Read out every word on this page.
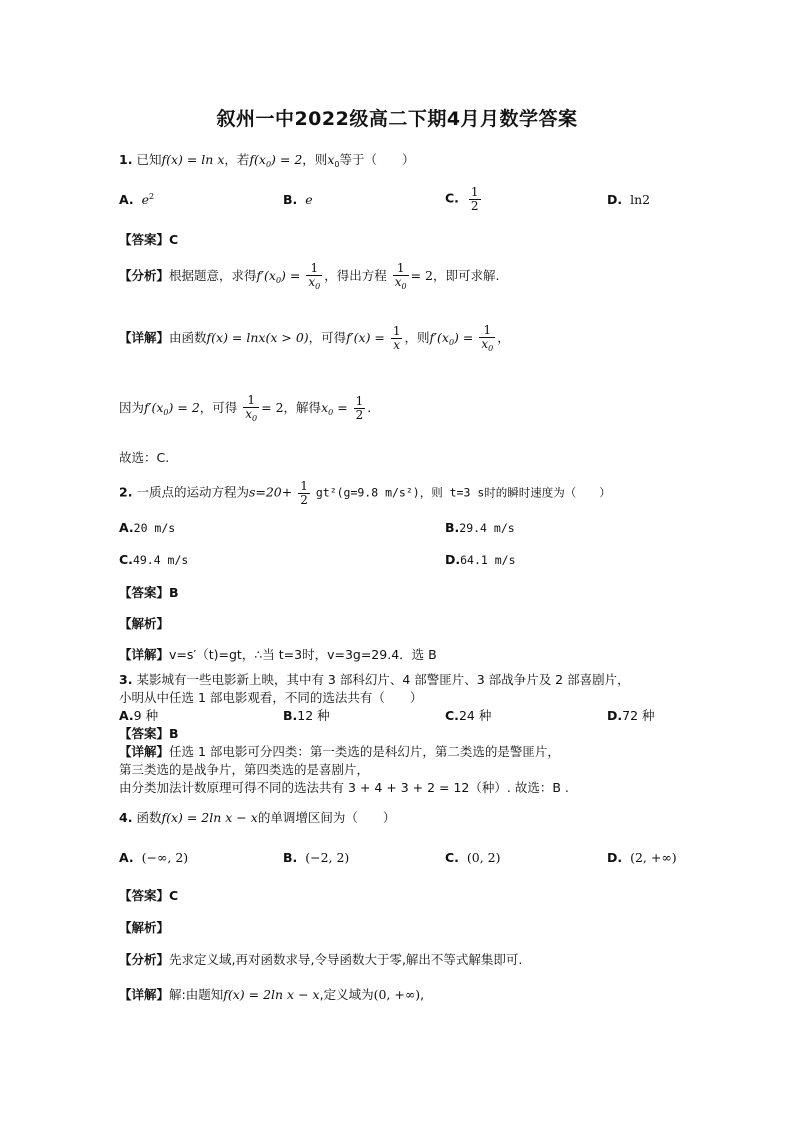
叙州一中2022级高二下期4月月数学答案
1. 已知f(x) = ln x，若$f(x_0) = 2$，则$x_0$等于（　　）
A. $e^2$	B. e	C. $\frac{1}{2}$	D. ln2
【答案】C
【分析】根据题意，求得$f'(x_0) = \frac{1}{x_0}$ ，得出方程 $\frac{1}{x_0} = 2$，即可求解.
【详解】由函数f(x) = lnx(x > 0)，可得$f'(x) = \frac{1}{x}$ ，则$f'(x_0) = \frac{1}{x_0}$ ，
因为$f'(x_0) = 2$，可得 $\frac{1}{x_0} = 2$，解得$x_0 = \frac{1}{2}$ .
故选：C.
2. 一质点的运动方程为$s=20+ \frac{1}{2} gt^2(g=9.8$ m/s²)，则 t=3 s时的瞬时速度为（　　）
A.20 m/s	B.29.4 m/s
C.49.4 m/s	D.64.1 m/s
【答案】B
【解析】
【详解】v=s′（t)=gt，∴当 t=3时，v=3g=29.4．选 B
3. 某影城有一些电影新上映，其中有 3 部科幻片、4 部警匪片、3 部战争片及 2 部喜剧片，
小明从中任选 1 部电影观看，不同的选法共有（　　）
A.9 种	B.12 种	C.24 种	D.72 种
【答案】B
【详解】任选 1 部电影可分四类：第一类选的是科幻片，第二类选的是警匪片，
第三类选的是战争片，第四类选的是喜剧片，
由分类加法计数原理可得不同的选法共有 3 + 4 + 3 + 2 = 12（种）. 故选：B .
4. 函数f(x) = 2ln x − x的单调增区间为（　　）
A. (−∞, 2)	B. (−2, 2)	C. (0, 2)	D. (2, +∞)
【答案】C
【解析】
【分析】先求定义域,再对函数求导,令导函数大于零,解出不等式解集即可.
【详解】解:由题知f(x) = 2ln x − x,定义域为(0, +∞),
